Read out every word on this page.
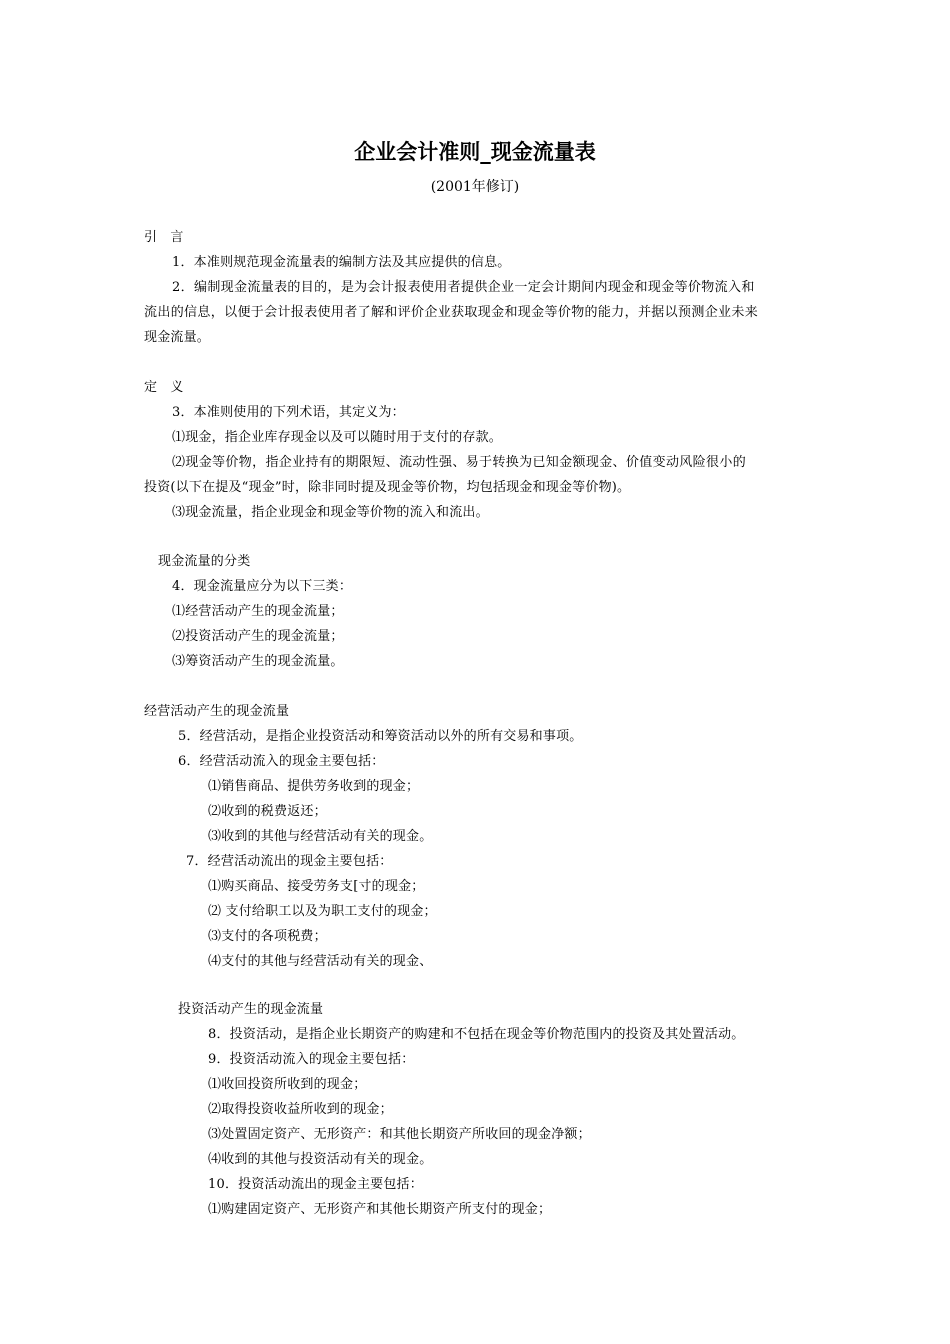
企业会计准则_现金流量表
(2001年修订)
引　言
1．本准则规范现金流量表的编制方法及其应提供的信息。
2．编制现金流量表的目的，是为会计报表使用者提供企业一定会计期间内现金和现金等价物流入和
流出的信息，以便于会计报表使用者了解和评价企业获取现金和现金等价物的能力，并据以预测企业未来
现金流量。
定　义
3．本准则使用的下列术语，其定义为：
⑴现金，指企业库存现金以及可以随时用于支付的存款。
⑵现金等价物，指企业持有的期限短、流动性强、易于转换为已知金额现金、价值变动风险很小的
投资(以下在提及“现金”时，除非同时提及现金等价物，均包括现金和现金等价物)。
⑶现金流量，指企业现金和现金等价物的流入和流出。
现金流量的分类
4．现金流量应分为以下三类：
⑴经营活动产生的现金流量；
⑵投资活动产生的现金流量；
⑶筹资活动产生的现金流量。
经营活动产生的现金流量
5．经营活动，是指企业投资活动和筹资活动以外的所有交易和事项。
6．经营活动流入的现金主要包括：
⑴销售商品、提供劳务收到的现金；
⑵收到的税费返还；
⑶收到的其他与经营活动有关的现金。
7．经营活动流出的现金主要包括：
⑴购买商品、接受劳务支[寸的现金；
⑵ 支付给职工以及为职工支付的现金；
⑶支付的各项税费；
⑷支付的其他与经营活动有关的现金、
投资活动产生的现金流量
8．投资活动，是指企业长期资产的购建和不包括在现金等价物范围内的投资及其处置活动。
9．投资活动流入的现金主要包括：
⑴收回投资所收到的现金；
⑵取得投资收益所收到的现金；
⑶处置固定资产、无形资产：和其他长期资产所收回的现金净额；
⑷收到的其他与投资活动有关的现金。
10．投资活动流出的现金主要包括：
⑴购建固定资产、无形资产和其他长期资产所支付的现金；
